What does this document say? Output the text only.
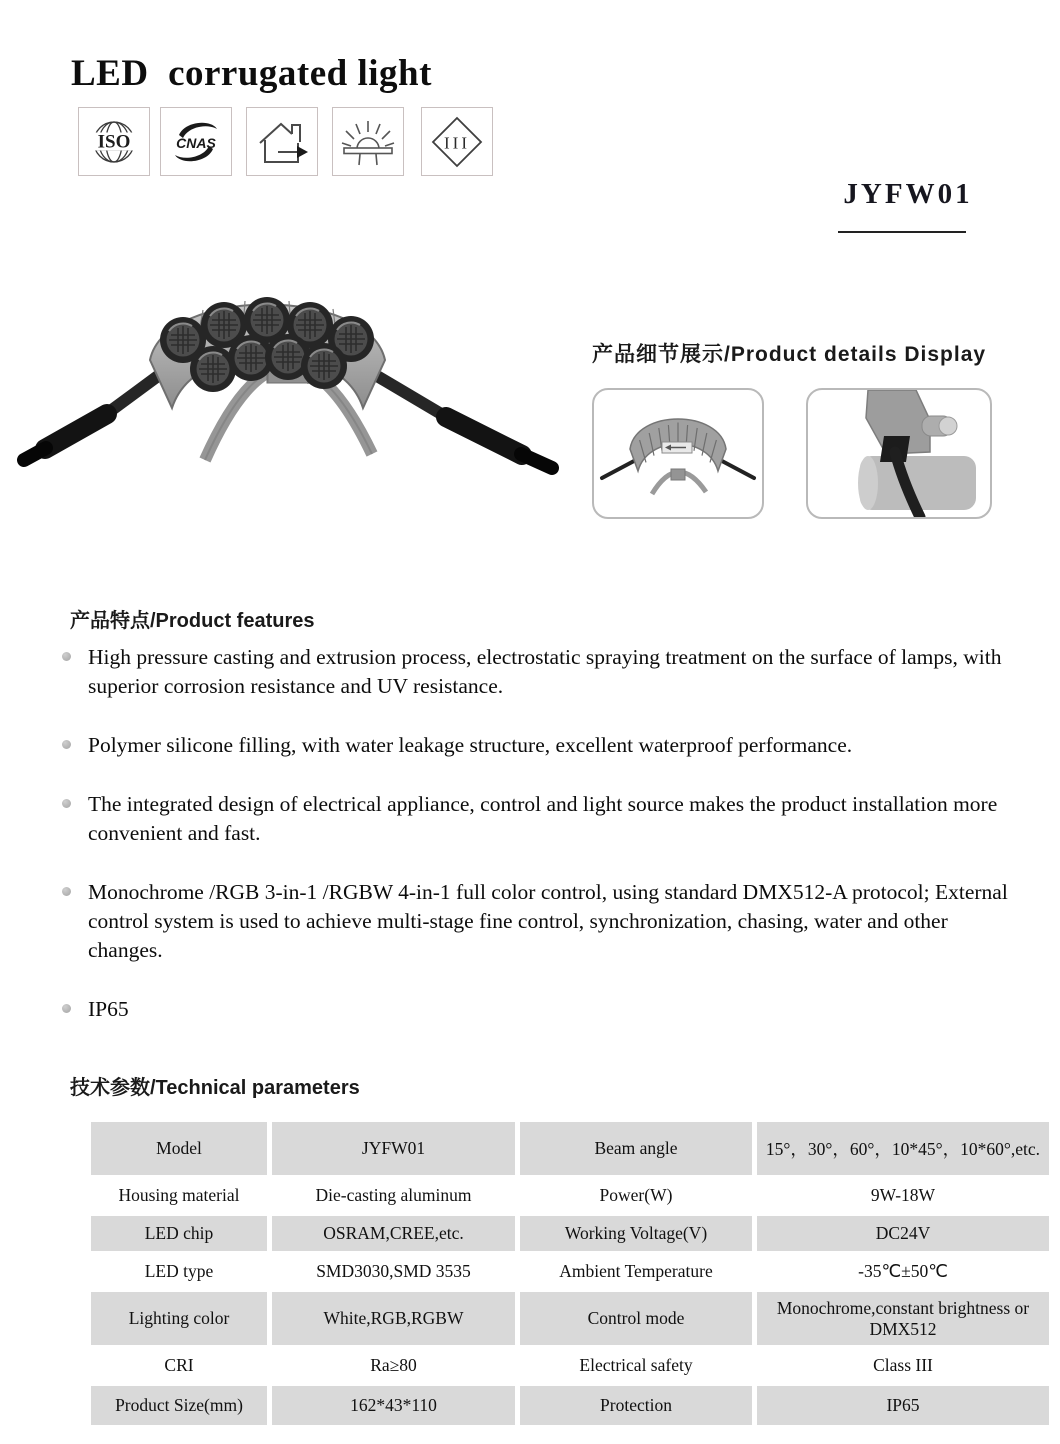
LED  corrugated light
ISO	CNAS	III
JYFW01
产品细节展示/Product details Display
产品特点/Product features
High pressure casting and extrusion process, electrostatic spraying treatment on the surface of lamps, with superior corrosion resistance and UV resistance.
Polymer silicone filling, with water leakage structure, excellent waterproof performance.
The integrated design of electrical appliance, control and light source makes the product installation more convenient and fast.
Monochrome /RGB 3-in-1 /RGBW 4-in-1 full color control, using standard DMX512-A protocol; External control system is used to achieve multi-stage fine control, synchronization, chasing, water and other changes.
IP65
技术参数/Technical parameters
Model	JYFW01	Beam angle	15°，30°，60°，10*45°，10*60°,etc.
Housing material	Die-casting aluminum	Power(W)	9W-18W
LED chip	OSRAM,CREE,etc.	Working Voltage(V)	DC24V
LED type	SMD3030,SMD 3535	Ambient Temperature	-35℃±50℃
Lighting color	White,RGB,RGBW	Control mode	Monochrome,constant brightness or DMX512
CRI	Ra≥80	Electrical safety	Class III
Product Size(mm)	162*43*110	Protection	IP65
